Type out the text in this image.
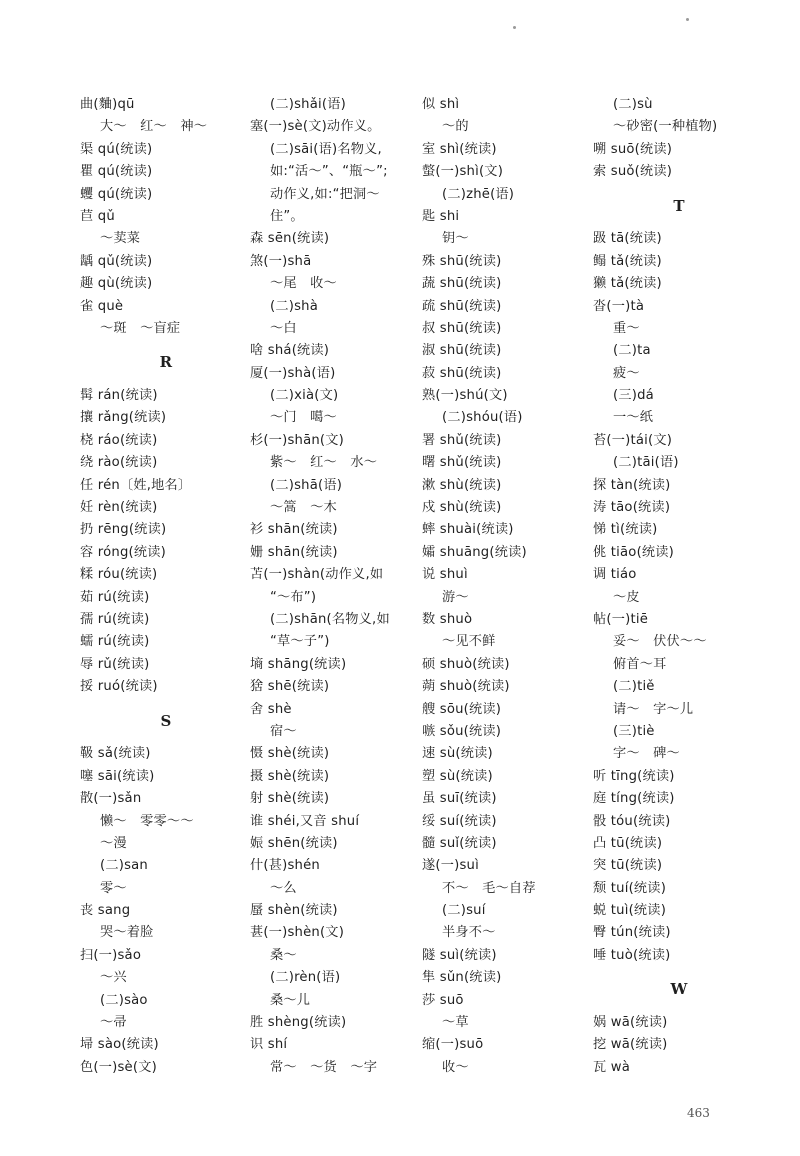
曲(麯)qū
大～　红～　神～
渠 qú(统读)
瞿 qú(统读)
蠼 qú(统读)
苣 qǔ
～荬菜
龋 qǔ(统读)
趣 qù(统读)
雀 què
～斑　～盲症
R
髯 rán(统读)
攘 rǎng(统读)
桡 ráo(统读)
绕 rào(统读)
任 rén〔姓,地名〕
妊 rèn(统读)
扔 rēng(统读)
容 róng(统读)
糅 róu(统读)
茹 rú(统读)
孺 rú(统读)
蠕 rú(统读)
辱 rǔ(统读)
挼 ruó(统读)
S
靸 sǎ(统读)
噻 sāi(统读)
散(一)sǎn
懒～　零零～～
～漫
(二)san
零～
丧 sang
哭～着脸
扫(一)sǎo
～兴
(二)sào
～帚
埽 sào(统读)
色(一)sè(文)
(二)shǎi(语)
塞(一)sè(文)动作义。
(二)sāi(语)名物义,
如:“活～”、“瓶～”;
动作义,如:“把洞～
住”。
森 sēn(统读)
煞(一)shā
～尾　收～
(二)shà
～白
啥 shá(统读)
厦(一)shà(语)
(二)xià(文)
～门　噶～
杉(一)shān(文)
紫～　红～　水～
(二)shā(语)
～篙　～木
衫 shān(统读)
姗 shān(统读)
苫(一)shàn(动作义,如
“～布”)
(二)shān(名物义,如
“草～子”)
墒 shāng(统读)
猞 shē(统读)
舍 shè
宿～
慑 shè(统读)
摄 shè(统读)
射 shè(统读)
谁 shéi,又音 shuí
娠 shēn(统读)
什(甚)shén
～么
蜃 shèn(统读)
葚(一)shèn(文)
桑～
(二)rèn(语)
桑～儿
胜 shèng(统读)
识 shí
常～　～货　～字
似 shì
～的
室 shì(统读)
螫(一)shì(文)
(二)zhē(语)
匙 shi
钥～
殊 shū(统读)
蔬 shū(统读)
疏 shū(统读)
叔 shū(统读)
淑 shū(统读)
菽 shū(统读)
熟(一)shú(文)
(二)shóu(语)
署 shǔ(统读)
曙 shǔ(统读)
漱 shù(统读)
戍 shù(统读)
蟀 shuài(统读)
孀 shuāng(统读)
说 shuì
游～
数 shuò
～见不鲜
硕 shuò(统读)
蒴 shuò(统读)
艘 sōu(统读)
嗾 sǒu(统读)
速 sù(统读)
塑 sù(统读)
虽 suī(统读)
绥 suí(统读)
髓 suǐ(统读)
遂(一)suì
不～　毛～自荐
(二)suí
半身不～
隧 suì(统读)
隼 sǔn(统读)
莎 suō
～草
缩(一)suō
收～
(二)sù
～砂密(一种植物)
嗍 suō(统读)
索 suǒ(统读)
T
趿 tā(统读)
鳎 tǎ(统读)
獭 tǎ(统读)
沓(一)tà
重～
(二)ta
疲～
(三)dá
一～纸
苔(一)tái(文)
(二)tāi(语)
探 tàn(统读)
涛 tāo(统读)
悌 tì(统读)
佻 tiāo(统读)
调 tiáo
～皮
帖(一)tiē
妥～　伏伏～～
俯首～耳
(二)tiě
请～　字～儿
(三)tiè
字～　碑～
听 tīng(统读)
庭 tíng(统读)
骰 tóu(统读)
凸 tū(统读)
突 tū(统读)
颓 tuí(统读)
蜕 tuì(统读)
臀 tún(统读)
唾 tuò(统读)
W
娲 wā(统读)
挖 wā(统读)
瓦 wà
463
